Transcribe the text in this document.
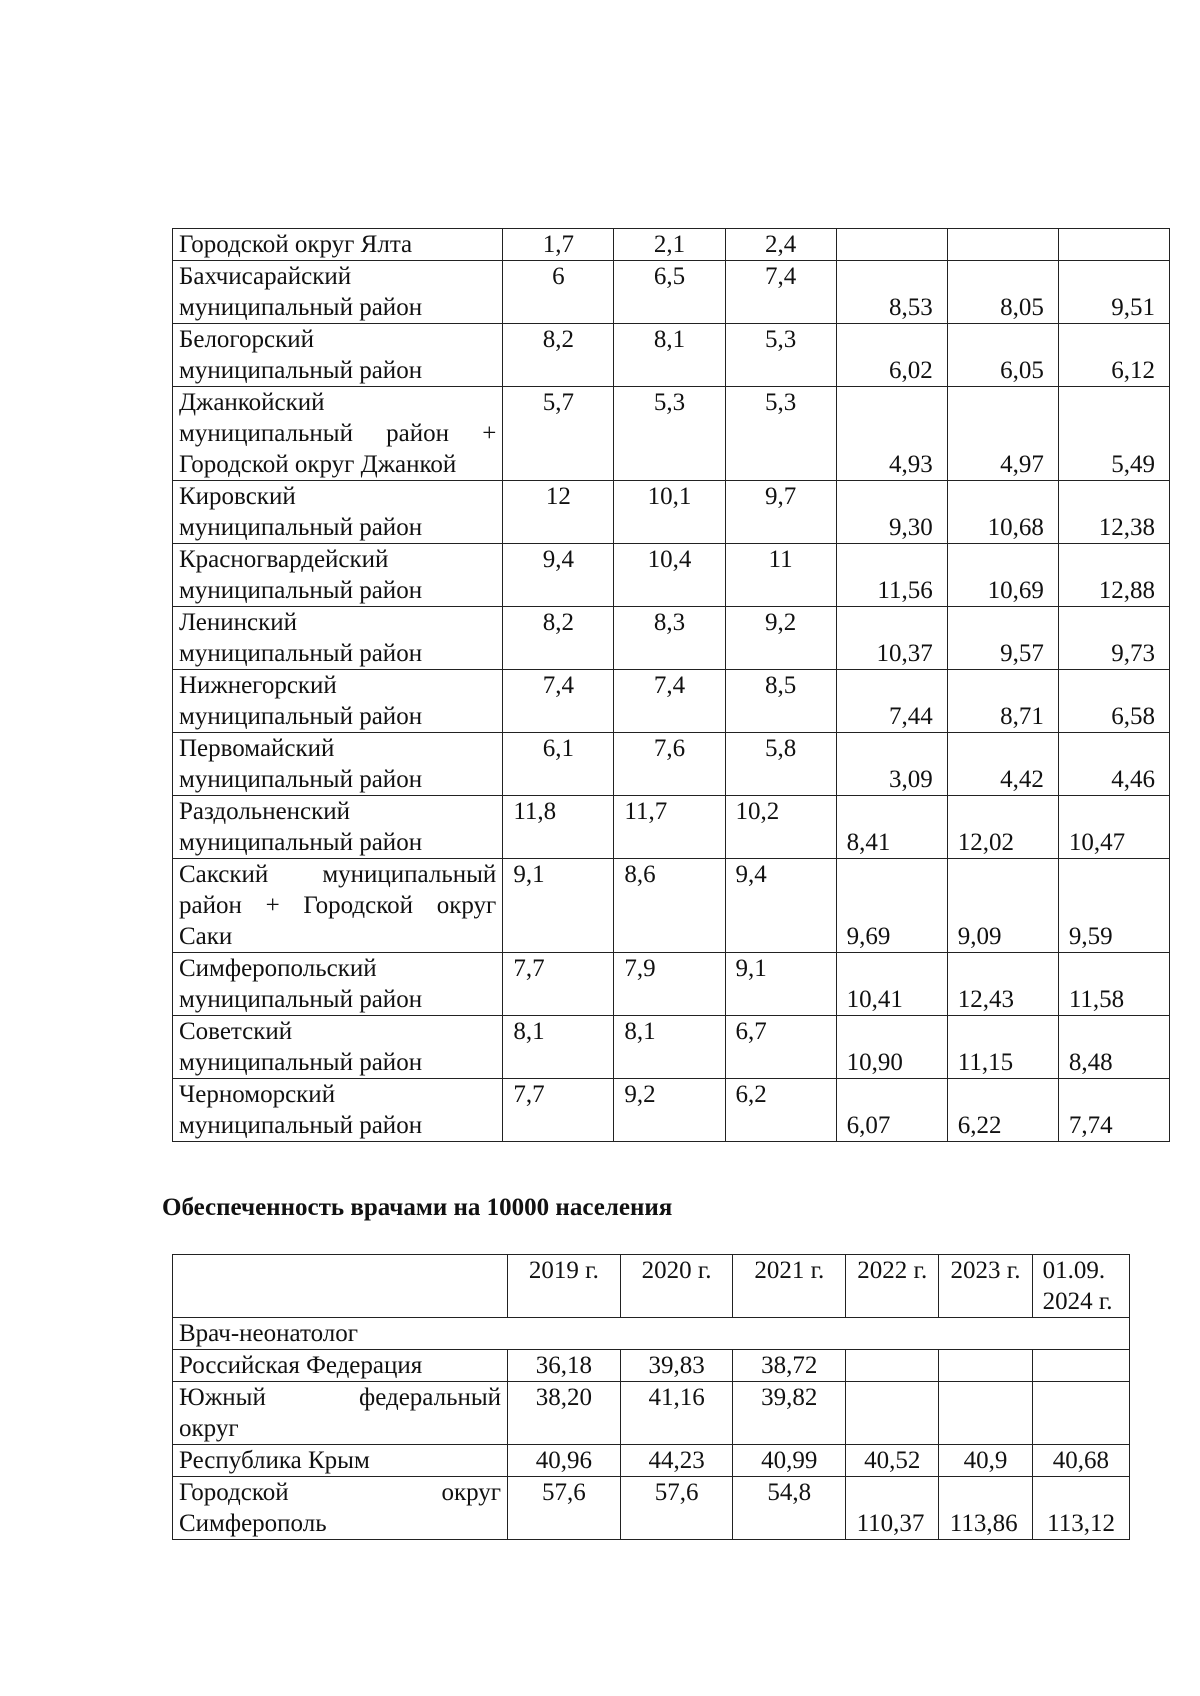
Городской округ Ялта	1,7	2,1	2,4			

Бахчисарайский
муниципальный район	6	6,5	7,4	8,53	8,05	9,51

Белогорский
муниципальный район	8,2	8,1	5,3	6,02	6,05	6,12

Джанкойский
муниципальный район +
Городской округ Джанкой	5,7	5,3	5,3	4,93	4,97	5,49

Кировский
муниципальный район	12	10,1	9,7	9,30	10,68	12,38

Красногвардейский
муниципальный район	9,4	10,4	11	11,56	10,69	12,88

Ленинский
муниципальный район	8,2	8,3	9,2	10,37	9,57	9,73

Нижнегорский
муниципальный район	7,4	7,4	8,5	7,44	8,71	6,58

Первомайский
муниципальный район	6,1	7,6	5,8	3,09	4,42	4,46

Раздольненский
муниципальный район	11,8	11,7	10,2	8,41	12,02	10,47

Сакский муниципальный
район + Городской округ
Саки	9,1	8,6	9,4	9,69	9,09	9,59

Симферопольский
муниципальный район	7,7	7,9	9,1	10,41	12,43	11,58

Советский
муниципальный район	8,1	8,1	6,7	10,90	11,15	8,48

Черноморский
муниципальный район	7,7	9,2	6,2	6,07	6,22	7,74
Обеспеченность врачами на 10000 населения
	2019 г.	2020 г.	2021 г.	2022 г.	2023 г.	01.09.
2024 г.
Врач-неонатолог						

Российская Федерация	36,18	39,83	38,72			

Южный федеральный
округ	38,20	41,16	39,82			

Республика Крым	40,96	44,23	40,99	40,52	40,9	40,68

Городской округ
Симферополь	57,6	57,6	54,8	110,37	113,86	113,12
